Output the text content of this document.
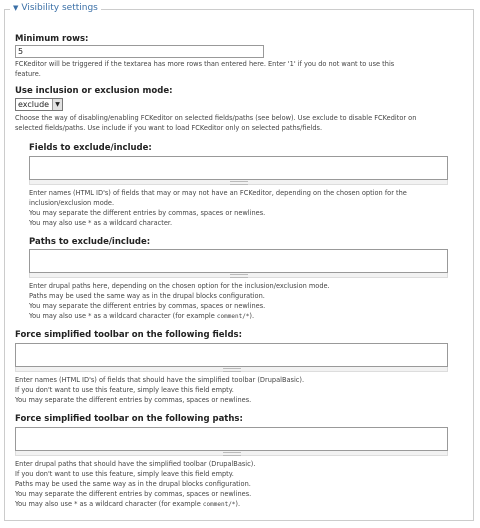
▼ Visibility settings
Minimum rows:
5
FCKeditor will be triggered if the textarea has more rows than entered here. Enter '1' if you do not want to use this
feature.
Use inclusion or exclusion mode:
exclude	▼
Choose the way of disabling/enabling FCKeditor on selected fields/paths (see below). Use exclude to disable FCKeditor on
selected fields/paths. Use include if you want to load FCKeditor only on selected paths/fields.
Fields to exclude/include:
Enter names (HTML ID's) of fields that may or may not have an FCKeditor, depending on the chosen option for the
inclusion/exclusion mode.
You may separate the different entries by commas, spaces or newlines.
You may also use * as a wildcard character.
Paths to exclude/include:
Enter drupal paths here, depending on the chosen option for the inclusion/exclusion mode.
Paths may be used the same way as in the drupal blocks configuration.
You may separate the different entries by commas, spaces or newlines.
You may also use * as a wildcard character (for example comment/*).
Force simplified toolbar on the following fields:
Enter names (HTML ID's) of fields that should have the simplified toolbar (DrupalBasic).
If you don't want to use this feature, simply leave this field empty.
You may separate the different entries by commas, spaces or newlines.
Force simplified toolbar on the following paths:
Enter drupal paths that should have the simplified toolbar (DrupalBasic).
If you don't want to use this feature, simply leave this field empty.
Paths may be used the same way as in the drupal blocks configuration.
You may separate the different entries by commas, spaces or newlines.
You may also use * as a wildcard character (for example comment/*).
